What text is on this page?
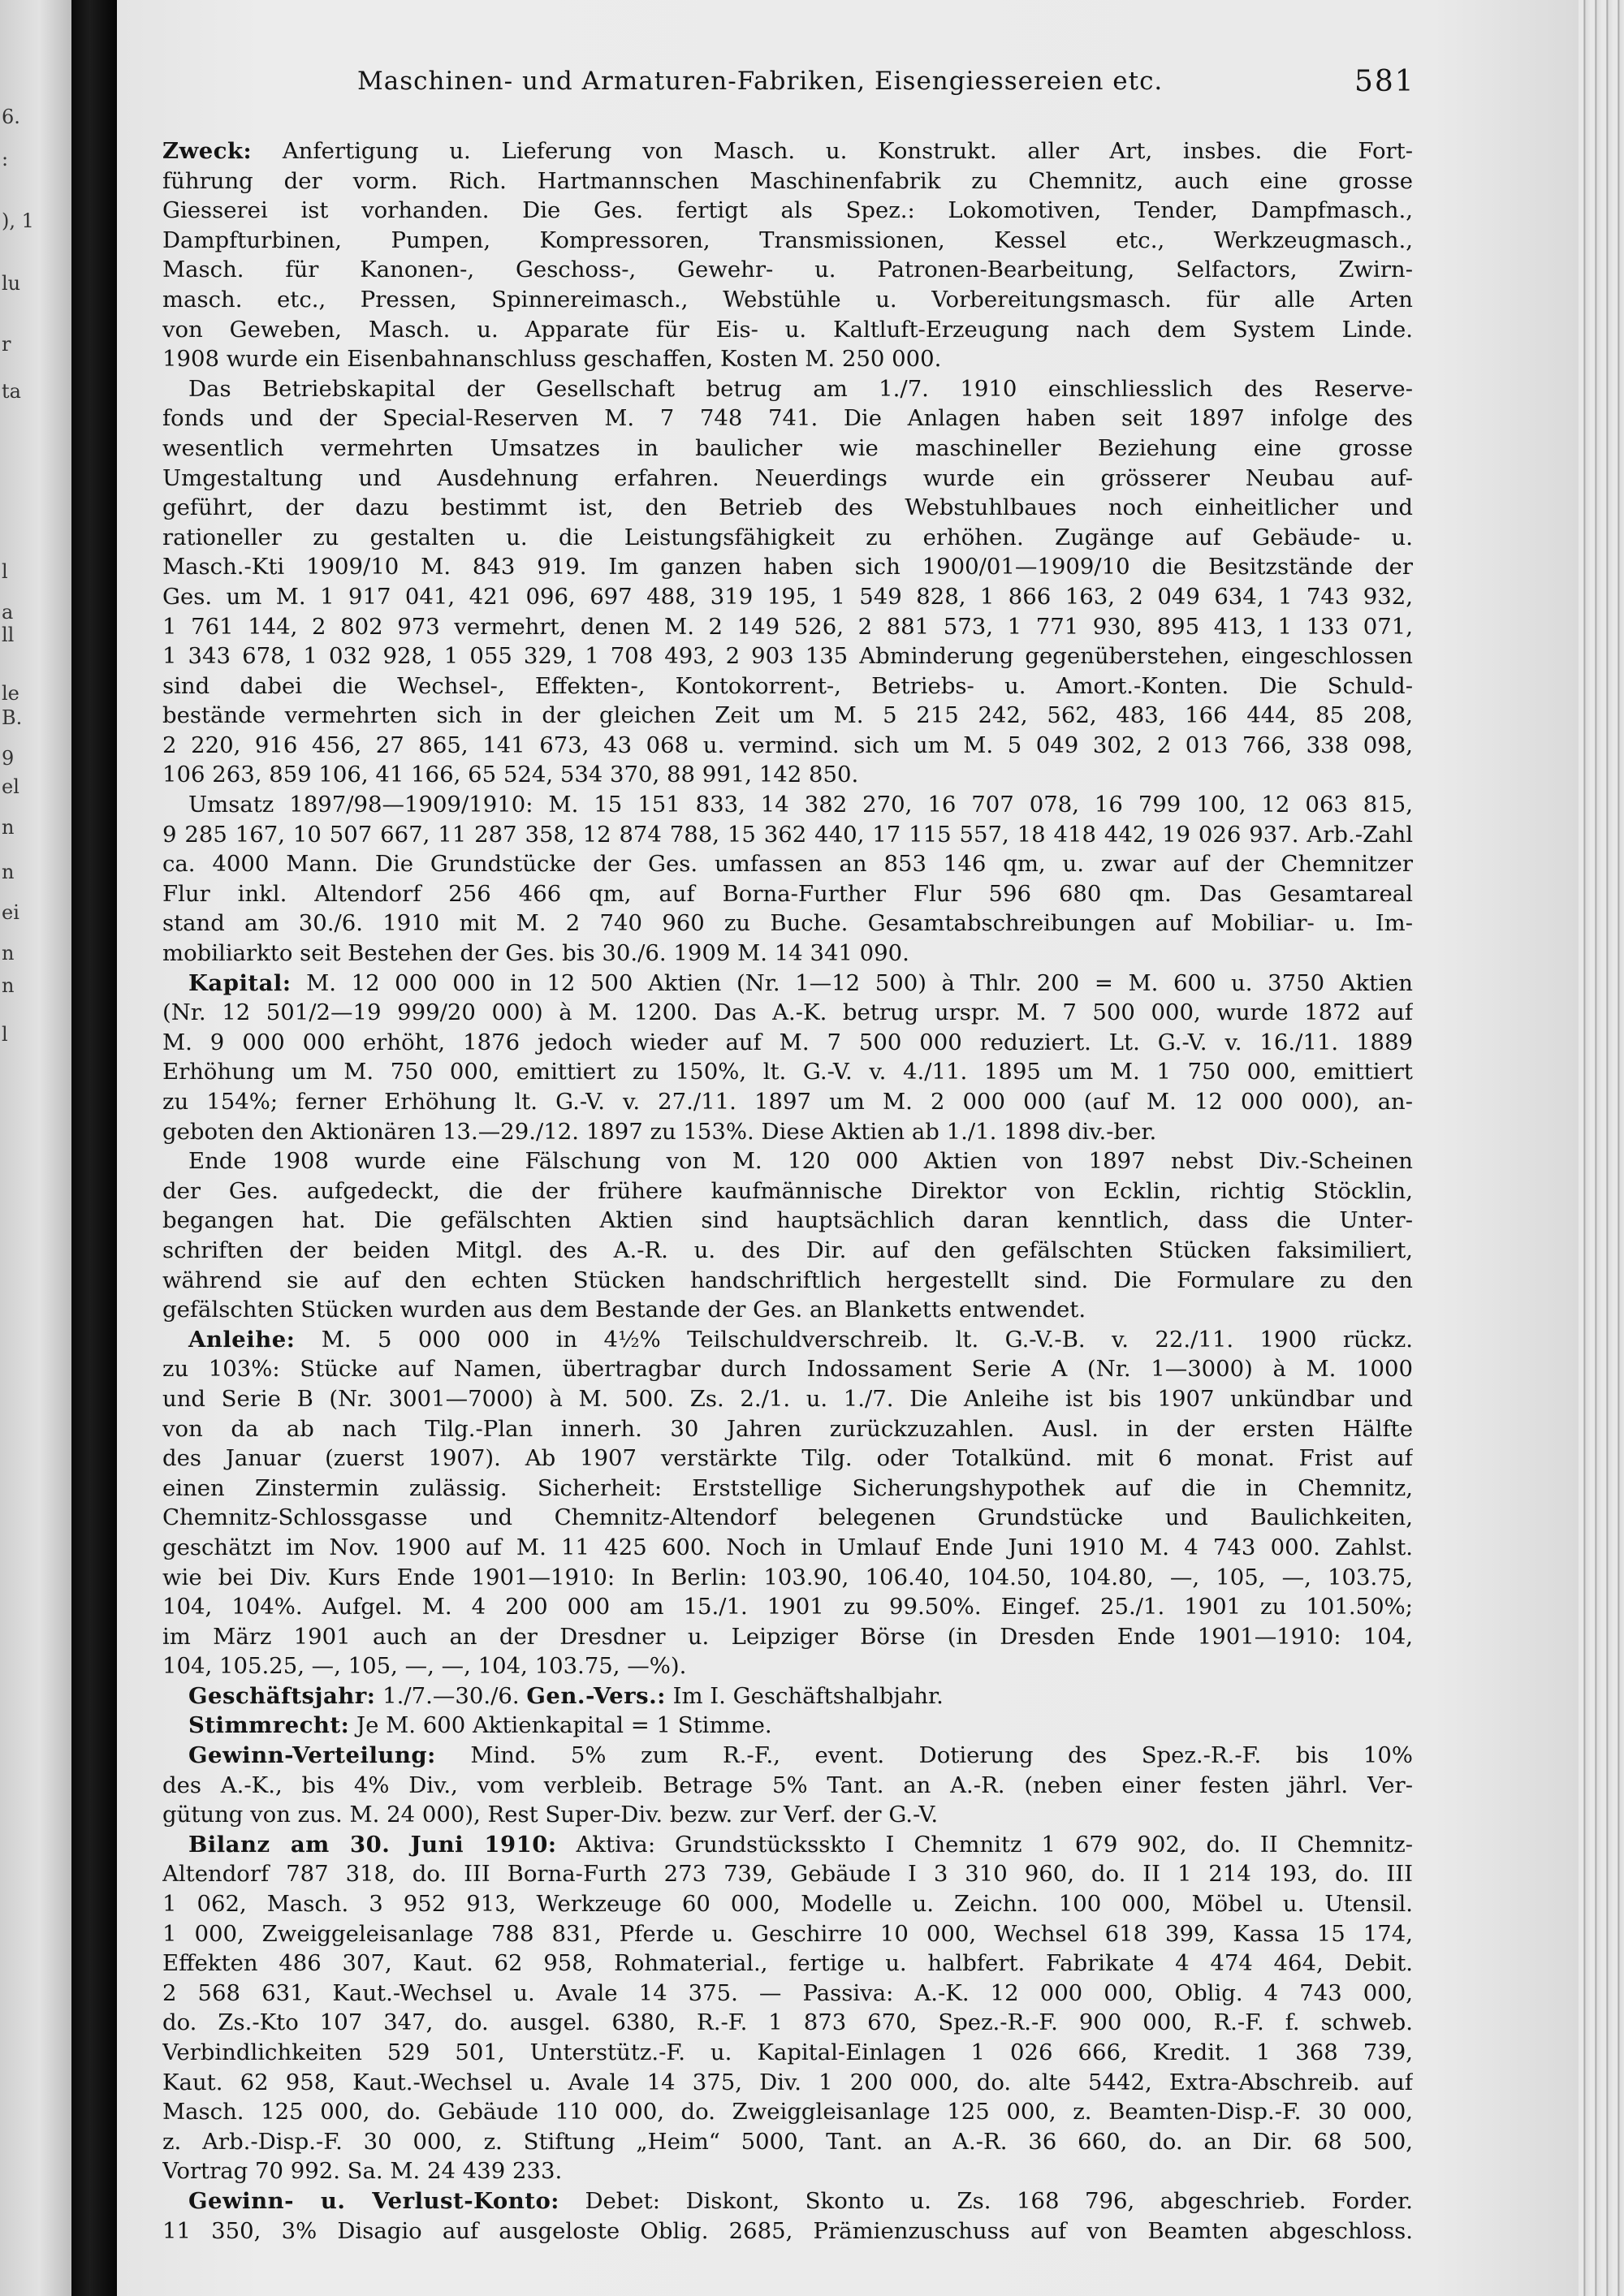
6.
:
), 1
lu
r
ta
l
a
ll
le
B.
9
el
n
n
ei
n
n
l
Maschinen- und Armaturen-Fabriken, Eisengiessereien etc.	581
Zweck: Anfertigung u. Lieferung von Masch. u. Konstrukt. aller Art, insbes. die Fort-
führung der vorm. Rich. Hartmannschen Maschinenfabrik zu Chemnitz, auch eine grosse
Giesserei ist vorhanden. Die Ges. fertigt als Spez.: Lokomotiven, Tender, Dampfmasch.,
Dampfturbinen, Pumpen, Kompressoren, Transmissionen, Kessel etc., Werkzeugmasch.,
Masch. für Kanonen-, Geschoss-, Gewehr- u. Patronen-Bearbeitung, Selfactors, Zwirn-
masch. etc., Pressen, Spinnereimasch., Webstühle u. Vorbereitungsmasch. für alle Arten
von Geweben, Masch. u. Apparate für Eis- u. Kaltluft-Erzeugung nach dem System Linde.
1908 wurde ein Eisenbahnanschluss geschaffen, Kosten M. 250 000.
Das Betriebskapital der Gesellschaft betrug am 1./7. 1910 einschliesslich des Reserve-
fonds und der Special-Reserven M. 7 748 741. Die Anlagen haben seit 1897 infolge des
wesentlich vermehrten Umsatzes in baulicher wie maschineller Beziehung eine grosse
Umgestaltung und Ausdehnung erfahren. Neuerdings wurde ein grösserer Neubau auf-
geführt, der dazu bestimmt ist, den Betrieb des Webstuhlbaues noch einheitlicher und
rationeller zu gestalten u. die Leistungsfähigkeit zu erhöhen. Zugänge auf Gebäude- u.
Masch.-Kti 1909/10 M. 843 919. Im ganzen haben sich 1900/01—1909/10 die Besitzstände der
Ges. um M. 1 917 041, 421 096, 697 488, 319 195, 1 549 828, 1 866 163, 2 049 634, 1 743 932,
1 761 144, 2 802 973 vermehrt, denen M. 2 149 526, 2 881 573, 1 771 930, 895 413, 1 133 071,
1 343 678, 1 032 928, 1 055 329, 1 708 493, 2 903 135 Abminderung gegenüberstehen, eingeschlossen
sind dabei die Wechsel-, Effekten-, Kontokorrent-, Betriebs- u. Amort.-Konten. Die Schuld-
bestände vermehrten sich in der gleichen Zeit um M. 5 215 242, 562, 483, 166 444, 85 208,
2 220, 916 456, 27 865, 141 673, 43 068 u. vermind. sich um M. 5 049 302, 2 013 766, 338 098,
106 263, 859 106, 41 166, 65 524, 534 370, 88 991, 142 850.
Umsatz 1897/98—1909/1910: M. 15 151 833, 14 382 270, 16 707 078, 16 799 100, 12 063 815,
9 285 167, 10 507 667, 11 287 358, 12 874 788, 15 362 440, 17 115 557, 18 418 442, 19 026 937. Arb.-Zahl
ca. 4000 Mann. Die Grundstücke der Ges. umfassen an 853 146 qm, u. zwar auf der Chemnitzer
Flur inkl. Altendorf 256 466 qm, auf Borna-Further Flur 596 680 qm. Das Gesamtareal
stand am 30./6. 1910 mit M. 2 740 960 zu Buche. Gesamtabschreibungen auf Mobiliar- u. Im-
mobiliarkto seit Bestehen der Ges. bis 30./6. 1909 M. 14 341 090.
Kapital: M. 12 000 000 in 12 500 Aktien (Nr. 1—12 500) à Thlr. 200 = M. 600 u. 3750 Aktien
(Nr. 12 501/2—19 999/20 000) à M. 1200. Das A.-K. betrug urspr. M. 7 500 000, wurde 1872 auf
M. 9 000 000 erhöht, 1876 jedoch wieder auf M. 7 500 000 reduziert. Lt. G.-V. v. 16./11. 1889
Erhöhung um M. 750 000, emittiert zu 150%, lt. G.-V. v. 4./11. 1895 um M. 1 750 000, emittiert
zu 154%; ferner Erhöhung lt. G.-V. v. 27./11. 1897 um M. 2 000 000 (auf M. 12 000 000), an-
geboten den Aktionären 13.—29./12. 1897 zu 153%. Diese Aktien ab 1./1. 1898 div.-ber.
Ende 1908 wurde eine Fälschung von M. 120 000 Aktien von 1897 nebst Div.-Scheinen
der Ges. aufgedeckt, die der frühere kaufmännische Direktor von Ecklin, richtig Stöcklin,
begangen hat. Die gefälschten Aktien sind hauptsächlich daran kenntlich, dass die Unter-
schriften der beiden Mitgl. des A.-R. u. des Dir. auf den gefälschten Stücken faksimiliert,
während sie auf den echten Stücken handschriftlich hergestellt sind. Die Formulare zu den
gefälschten Stücken wurden aus dem Bestande der Ges. an Blanketts entwendet.
Anleihe: M. 5 000 000 in 4½% Teilschuldverschreib. lt. G.-V.-B. v. 22./11. 1900 rückz.
zu 103%: Stücke auf Namen, übertragbar durch Indossament Serie A (Nr. 1—3000) à M. 1000
und Serie B (Nr. 3001—7000) à M. 500. Zs. 2./1. u. 1./7. Die Anleihe ist bis 1907 unkündbar und
von da ab nach Tilg.-Plan innerh. 30 Jahren zurückzuzahlen. Ausl. in der ersten Hälfte
des Januar (zuerst 1907). Ab 1907 verstärkte Tilg. oder Totalkünd. mit 6 monat. Frist auf
einen Zinstermin zulässig. Sicherheit: Erststellige Sicherungshypothek auf die in Chemnitz,
Chemnitz-Schlossgasse und Chemnitz-Altendorf belegenen Grundstücke und Baulichkeiten,
geschätzt im Nov. 1900 auf M. 11 425 600. Noch in Umlauf Ende Juni 1910 M. 4 743 000. Zahlst.
wie bei Div. Kurs Ende 1901—1910: In Berlin: 103.90, 106.40, 104.50, 104.80, —, 105, —, 103.75,
104, 104%. Aufgel. M. 4 200 000 am 15./1. 1901 zu 99.50%. Eingef. 25./1. 1901 zu 101.50%;
im März 1901 auch an der Dresdner u. Leipziger Börse (in Dresden Ende 1901—1910: 104,
104, 105.25, —, 105, —, —, 104, 103.75, —%).
Geschäftsjahr: 1./7.—30./6. Gen.-Vers.: Im I. Geschäftshalbjahr.
Stimmrecht: Je M. 600 Aktienkapital = 1 Stimme.
Gewinn-Verteilung: Mind. 5% zum R.-F., event. Dotierung des Spez.-R.-F. bis 10%
des A.-K., bis 4% Div., vom verbleib. Betrage 5% Tant. an A.-R. (neben einer festen jährl. Ver-
gütung von zus. M. 24 000), Rest Super-Div. bezw. zur Verf. der G.-V.
Bilanz am 30. Juni 1910: Aktiva: Grundstücksskto I Chemnitz 1 679 902, do. II Chemnitz-
Altendorf 787 318, do. III Borna-Furth 273 739, Gebäude I 3 310 960, do. II 1 214 193, do. III
1 062, Masch. 3 952 913, Werkzeuge 60 000, Modelle u. Zeichn. 100 000, Möbel u. Utensil.
1 000, Zweiggeleisanlage 788 831, Pferde u. Geschirre 10 000, Wechsel 618 399, Kassa 15 174,
Effekten 486 307, Kaut. 62 958, Rohmaterial., fertige u. halbfert. Fabrikate 4 474 464, Debit.
2 568 631, Kaut.-Wechsel u. Avale 14 375. — Passiva: A.-K. 12 000 000, Oblig. 4 743 000,
do. Zs.-Kto 107 347, do. ausgel. 6380, R.-F. 1 873 670, Spez.-R.-F. 900 000, R.-F. f. schweb.
Verbindlichkeiten 529 501, Unterstütz.-F. u. Kapital-Einlagen 1 026 666, Kredit. 1 368 739,
Kaut. 62 958, Kaut.-Wechsel u. Avale 14 375, Div. 1 200 000, do. alte 5442, Extra-Abschreib. auf
Masch. 125 000, do. Gebäude 110 000, do. Zweiggleisanlage 125 000, z. Beamten-Disp.-F. 30 000,
z. Arb.-Disp.-F. 30 000, z. Stiftung „Heim“ 5000, Tant. an A.-R. 36 660, do. an Dir. 68 500,
Vortrag 70 992. Sa. M. 24 439 233.
Gewinn- u. Verlust-Konto: Debet: Diskont, Skonto u. Zs. 168 796, abgeschrieb. Forder.
11 350, 3% Disagio auf ausgeloste Oblig. 2685, Prämienzuschuss auf von Beamten abgeschloss.
